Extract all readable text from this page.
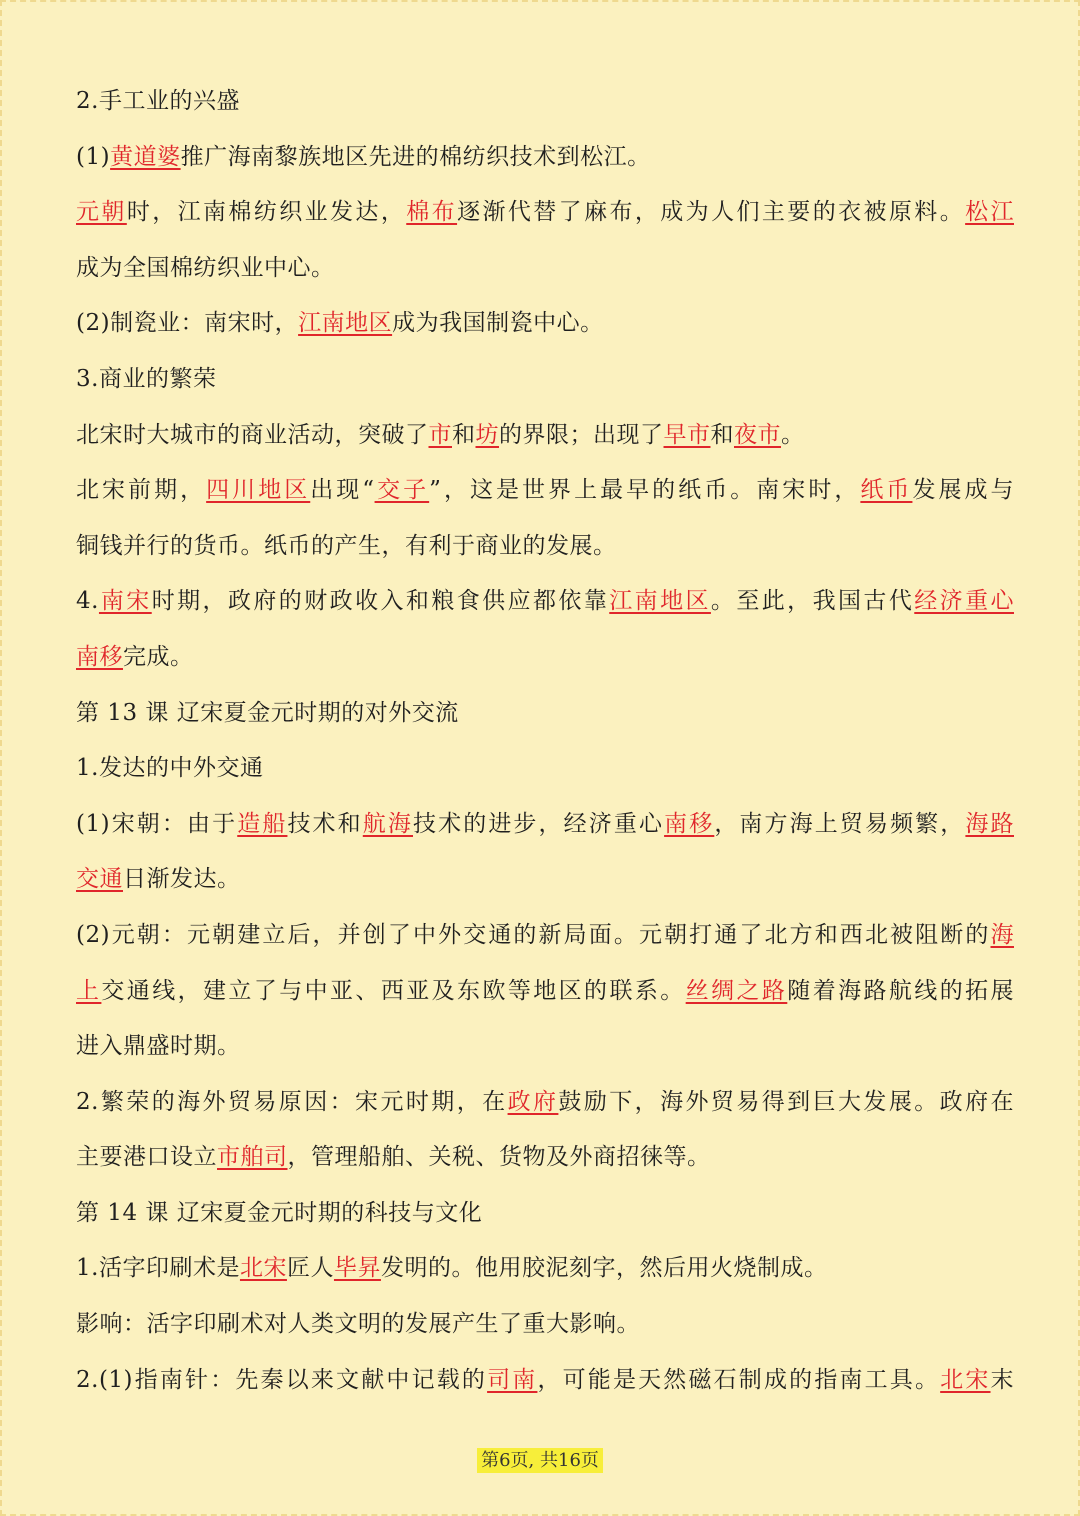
2.手工业的兴盛
(1)黄道婆推广海南黎族地区先进的棉纺织技术到松江。
元朝时，江南棉纺织业发达，棉布逐渐代替了麻布，成为人们主要的衣被原料。松江
成为全国棉纺织业中心。
(2)制瓷业：南宋时，江南地区成为我国制瓷中心。
3.商业的繁荣
北宋时大城市的商业活动，突破了市和坊的界限；出现了早市和夜市。
北宋前期，四川地区出现“交子”，这是世界上最早的纸币。南宋时，纸币发展成与
铜钱并行的货币。纸币的产生，有利于商业的发展。
4.南宋时期，政府的财政收入和粮食供应都依靠江南地区。至此，我国古代经济重心
南移完成。
第 13 课 辽宋夏金元时期的对外交流
1.发达的中外交通
(1)宋朝：由于造船技术和航海技术的进步，经济重心南移，南方海上贸易频繁，海路
交通日渐发达。
(2)元朝：元朝建立后，并创了中外交通的新局面。元朝打通了北方和西北被阻断的海
上交通线，建立了与中亚、西亚及东欧等地区的联系。丝绸之路随着海路航线的拓展
进入鼎盛时期。
2.繁荣的海外贸易原因：宋元时期，在政府鼓励下，海外贸易得到巨大发展。政府在
主要港口设立市舶司，管理船舶、关税、货物及外商招徕等。
第 14 课 辽宋夏金元时期的科技与文化
1.活字印刷术是北宋匠人毕昇发明的。他用胶泥刻字，然后用火烧制成。
影响：活字印刷术对人类文明的发展产生了重大影响。
2.(1)指南针：先秦以来文献中记载的司南，可能是天然磁石制成的指南工具。北宋末
第6页, 共16页
